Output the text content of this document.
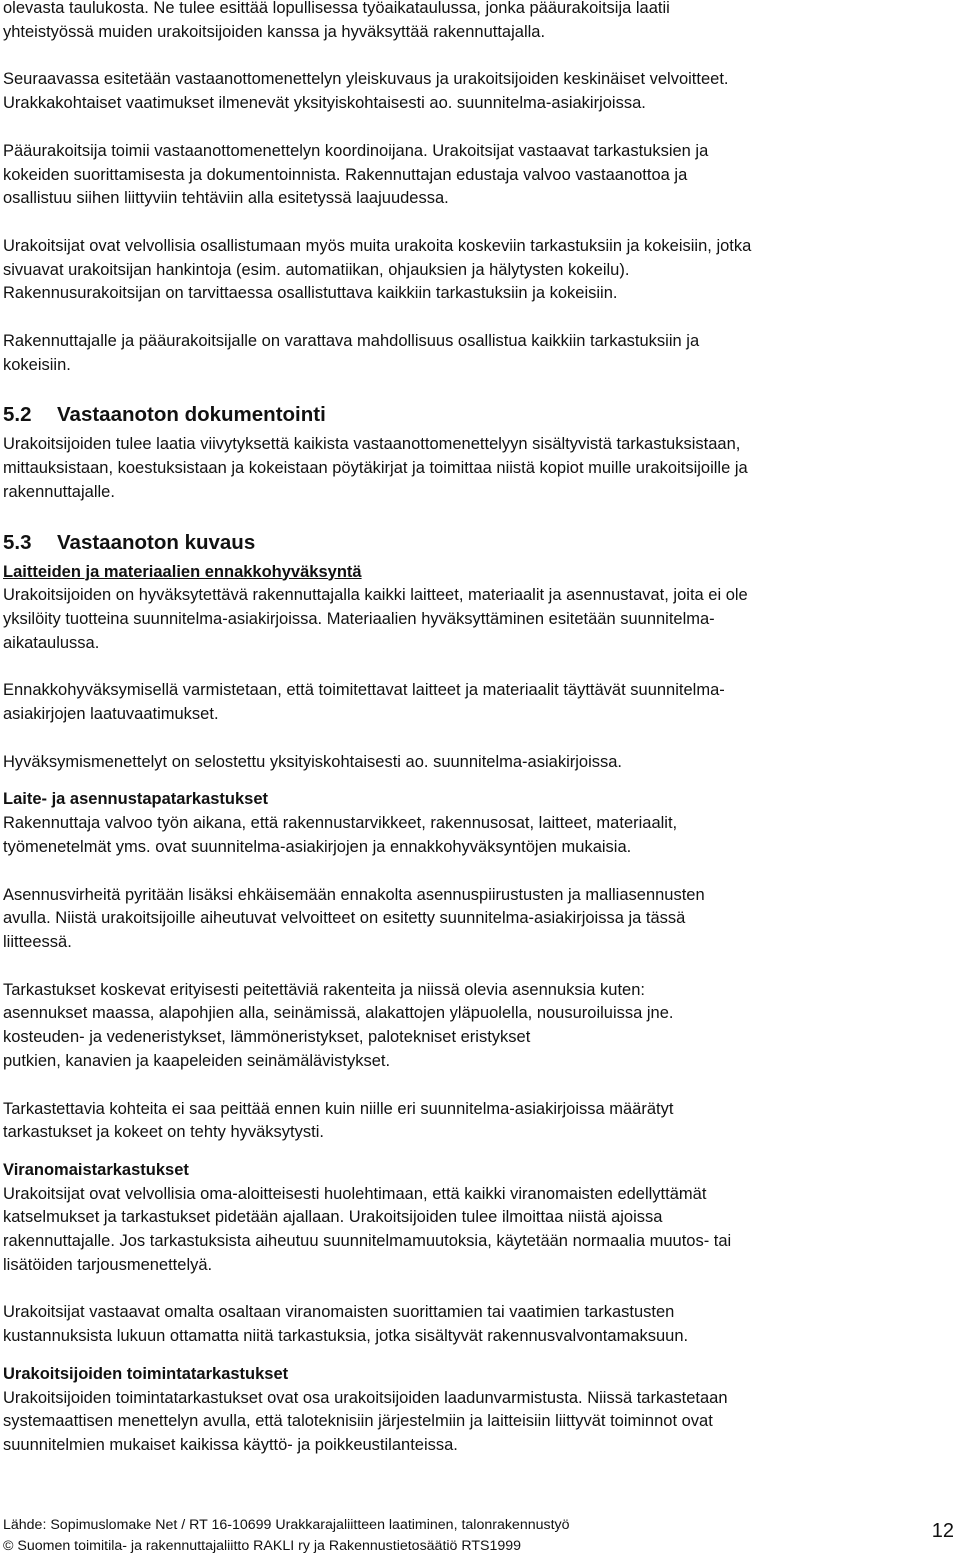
olevasta taulukosta. Ne tulee esittää lopullisessa työaikataulussa, jonka pääurakoitsija laatii
yhteistyössä muiden urakoitsijoiden kanssa ja hyväksyttää rakennuttajalla.
Seuraavassa esitetään vastaanottomenettelyn yleiskuvaus ja urakoitsijoiden keskinäiset velvoitteet.
Urakkakohtaiset vaatimukset ilmenevät yksityiskohtaisesti ao. suunnitelma-asiakirjoissa.
Pääurakoitsija toimii vastaanottomenettelyn koordinoijana. Urakoitsijat vastaavat tarkastuksien ja
kokeiden suorittamisesta ja dokumentoinnista. Rakennuttajan edustaja valvoo vastaanottoa ja
osallistuu siihen liittyviin tehtäviin alla esitetyssä laajuudessa.
Urakoitsijat ovat velvollisia osallistumaan myös muita urakoita koskeviin tarkastuksiin ja kokeisiin, jotka
sivuavat urakoitsijan hankintoja (esim. automatiikan, ohjauksien ja hälytysten kokeilu).
Rakennusurakoitsijan on tarvittaessa osallistuttava kaikkiin tarkastuksiin ja kokeisiin.
Rakennuttajalle ja pääurakoitsijalle on varattava mahdollisuus osallistua kaikkiin tarkastuksiin ja
kokeisiin.
5.2 Vastaanoton dokumentointi
Urakoitsijoiden tulee laatia viivytyksettä kaikista vastaanottomenettelyyn sisältyvistä tarkastuksistaan,
mittauksistaan, koestuksistaan ja kokeistaan pöytäkirjat ja toimittaa niistä kopiot muille urakoitsijoille ja
rakennuttajalle.
5.3 Vastaanoton kuvaus
Laitteiden ja materiaalien ennakkohyväksyntä
Urakoitsijoiden on hyväksytettävä rakennuttajalla kaikki laitteet, materiaalit ja asennustavat, joita ei ole
yksilöity tuotteina suunnitelma-asiakirjoissa. Materiaalien hyväksyttäminen esitetään suunnitelma-
aikataulussa.
Ennakkohyväksymisellä varmistetaan, että toimitettavat laitteet ja materiaalit täyttävät suunnitelma-
asiakirjojen laatuvaatimukset.
Hyväksymismenettelyt on selostettu yksityiskohtaisesti ao. suunnitelma-asiakirjoissa.
Laite- ja asennustapatarkastukset
Rakennuttaja valvoo työn aikana, että rakennustarvikkeet, rakennusosat, laitteet, materiaalit,
työmenetelmät yms. ovat suunnitelma-asiakirjojen ja ennakkohyväksyntöjen mukaisia.
Asennusvirheitä pyritään lisäksi ehkäisemään ennakolta asennuspiirustusten ja malliasennusten
avulla. Niistä urakoitsijoille aiheutuvat velvoitteet on esitetty suunnitelma-asiakirjoissa ja tässä
liitteessä.
Tarkastukset koskevat erityisesti peitettäviä rakenteita ja niissä olevia asennuksia kuten:
asennukset maassa, alapohjien alla, seinämissä, alakattojen yläpuolella, nousuroiluissa jne.
kosteuden- ja vedeneristykset, lämmöneristykset, palotekniset eristykset
putkien, kanavien ja kaapeleiden seinämälävistykset.
Tarkastettavia kohteita ei saa peittää ennen kuin niille eri suunnitelma-asiakirjoissa määrätyt
tarkastukset ja kokeet on tehty hyväksytysti.
Viranomaistarkastukset
Urakoitsijat ovat velvollisia oma-aloitteisesti huolehtimaan, että kaikki viranomaisten edellyttämät
katselmukset ja tarkastukset pidetään ajallaan. Urakoitsijoiden tulee ilmoittaa niistä ajoissa
rakennuttajalle. Jos tarkastuksista aiheutuu suunnitelmamuutoksia, käytetään normaalia muutos- tai
lisätöiden tarjousmenettelyä.
Urakoitsijat vastaavat omalta osaltaan viranomaisten suorittamien tai vaatimien tarkastusten
kustannuksista lukuun ottamatta niitä tarkastuksia, jotka sisältyvät rakennusvalvontamaksuun.
Urakoitsijoiden toimintatarkastukset
Urakoitsijoiden toimintatarkastukset ovat osa urakoitsijoiden laadunvarmistusta. Niissä tarkastetaan
systemaattisen menettelyn avulla, että taloteknisiin järjestelmiin ja laitteisiin liittyvät toiminnot ovat
suunnitelmien mukaiset kaikissa käyttö- ja poikkeustilanteissa.
Lähde: Sopimuslomake Net / RT 16-10699 Urakkarajaliitteen laatiminen, talonrakennustyö
© Suomen toimitila- ja rakennuttajaliitto RAKLI ry ja Rakennustietosäätiö RTS1999
12
